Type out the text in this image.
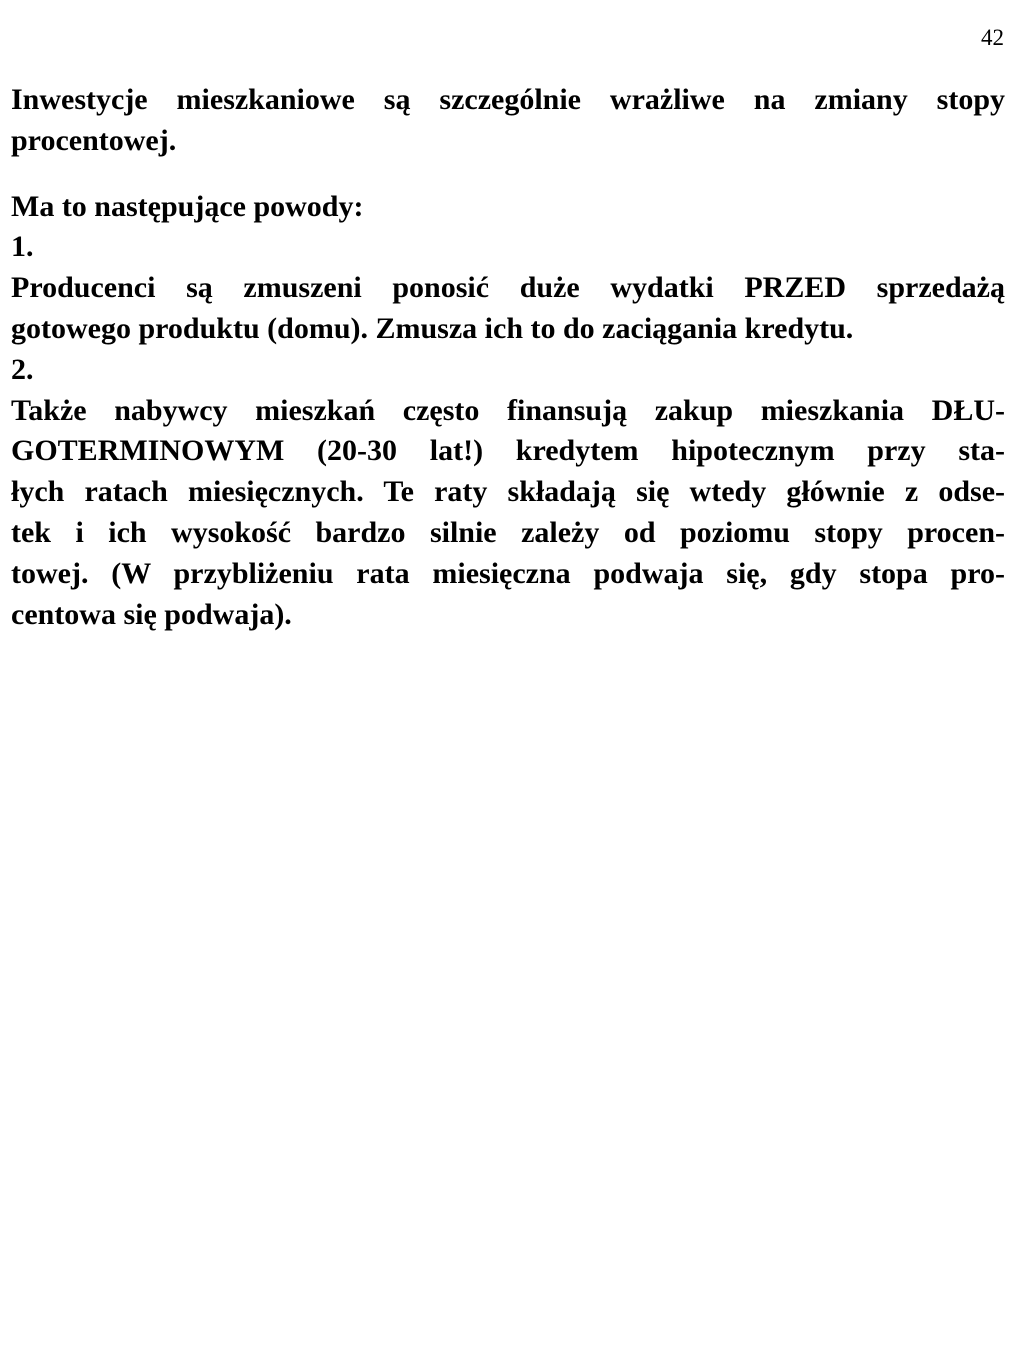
42

Inwestycje mieszkaniowe są szczególnie wrażliwe na zmiany stopy
procentowej.

Ma to następujące powody:

1.
Producenci są zmuszeni ponosić duże wydatki PRZED sprzedażą
gotowego produktu (domu). Zmusza ich to do zaciągania kredytu.

2.
Także nabywcy mieszkań często finansują zakup mieszkania DŁU-
GOTERMINOWYM (20-30 lat!) kredytem hipotecznym przy sta-
łych ratach miesięcznych. Te raty składają się wtedy głównie z odse-
tek i ich wysokość bardzo silnie zależy od poziomu stopy procen-
towej. (W przybliżeniu rata miesięczna podwaja się, gdy stopa pro-
centowa się podwaja).
